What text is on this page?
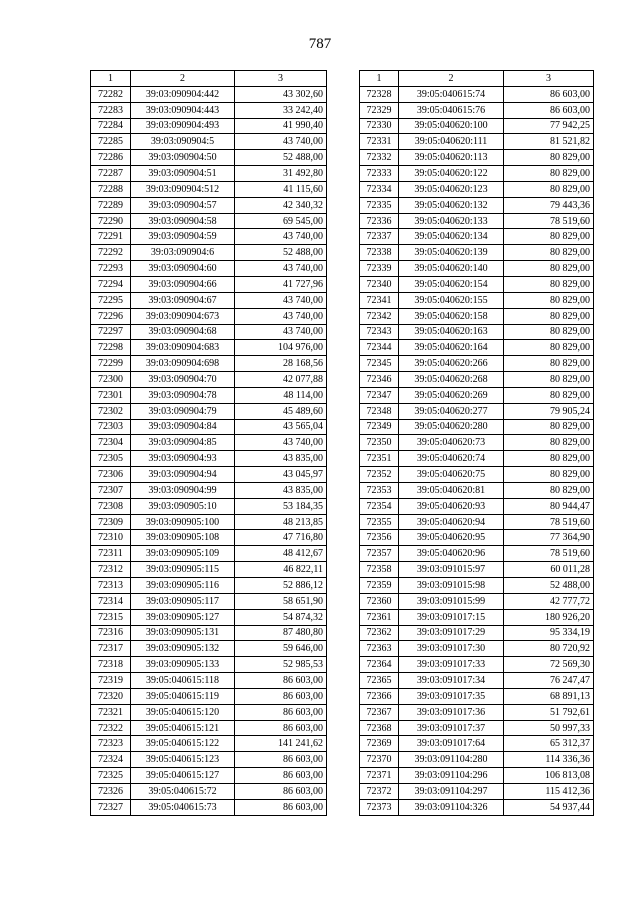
787
1	2	3
72282	39:03:090904:442	43 302,60
72283	39:03:090904:443	33 242,40
72284	39:03:090904:493	41 990,40
72285	39:03:090904:5	43 740,00
72286	39:03:090904:50	52 488,00
72287	39:03:090904:51	31 492,80
72288	39:03:090904:512	41 115,60
72289	39:03:090904:57	42 340,32
72290	39:03:090904:58	69 545,00
72291	39:03:090904:59	43 740,00
72292	39:03:090904:6	52 488,00
72293	39:03:090904:60	43 740,00
72294	39:03:090904:66	41 727,96
72295	39:03:090904:67	43 740,00
72296	39:03:090904:673	43 740,00
72297	39:03:090904:68	43 740,00
72298	39:03:090904:683	104 976,00
72299	39:03:090904:698	28 168,56
72300	39:03:090904:70	42 077,88
72301	39:03:090904:78	48 114,00
72302	39:03:090904:79	45 489,60
72303	39:03:090904:84	43 565,04
72304	39:03:090904:85	43 740,00
72305	39:03:090904:93	43 835,00
72306	39:03:090904:94	43 045,97
72307	39:03:090904:99	43 835,00
72308	39:03:090905:10	53 184,35
72309	39:03:090905:100	48 213,85
72310	39:03:090905:108	47 716,80
72311	39:03:090905:109	48 412,67
72312	39:03:090905:115	46 822,11
72313	39:03:090905:116	52 886,12
72314	39:03:090905:117	58 651,90
72315	39:03:090905:127	54 874,32
72316	39:03:090905:131	87 480,80
72317	39:03:090905:132	59 646,00
72318	39:03:090905:133	52 985,53
72319	39:05:040615:118	86 603,00
72320	39:05:040615:119	86 603,00
72321	39:05:040615:120	86 603,00
72322	39:05:040615:121	86 603,00
72323	39:05:040615:122	141 241,62
72324	39:05:040615:123	86 603,00
72325	39:05:040615:127	86 603,00
72326	39:05:040615:72	86 603,00
72327	39:05:040615:73	86 603,00
1	2	3
72328	39:05:040615:74	86 603,00
72329	39:05:040615:76	86 603,00
72330	39:05:040620:100	77 942,25
72331	39:05:040620:111	81 521,82
72332	39:05:040620:113	80 829,00
72333	39:05:040620:122	80 829,00
72334	39:05:040620:123	80 829,00
72335	39:05:040620:132	79 443,36
72336	39:05:040620:133	78 519,60
72337	39:05:040620:134	80 829,00
72338	39:05:040620:139	80 829,00
72339	39:05:040620:140	80 829,00
72340	39:05:040620:154	80 829,00
72341	39:05:040620:155	80 829,00
72342	39:05:040620:158	80 829,00
72343	39:05:040620:163	80 829,00
72344	39:05:040620:164	80 829,00
72345	39:05:040620:266	80 829,00
72346	39:05:040620:268	80 829,00
72347	39:05:040620:269	80 829,00
72348	39:05:040620:277	79 905,24
72349	39:05:040620:280	80 829,00
72350	39:05:040620:73	80 829,00
72351	39:05:040620:74	80 829,00
72352	39:05:040620:75	80 829,00
72353	39:05:040620:81	80 829,00
72354	39:05:040620:93	80 944,47
72355	39:05:040620:94	78 519,60
72356	39:05:040620:95	77 364,90
72357	39:05:040620:96	78 519,60
72358	39:03:091015:97	60 011,28
72359	39:03:091015:98	52 488,00
72360	39:03:091015:99	42 777,72
72361	39:03:091017:15	180 926,20
72362	39:03:091017:29	95 334,19
72363	39:03:091017:30	80 720,92
72364	39:03:091017:33	72 569,30
72365	39:03:091017:34	76 247,47
72366	39:03:091017:35	68 891,13
72367	39:03:091017:36	51 792,61
72368	39:03:091017:37	50 997,33
72369	39:03:091017:64	65 312,37
72370	39:03:091104:280	114 336,36
72371	39:03:091104:296	106 813,08
72372	39:03:091104:297	115 412,36
72373	39:03:091104:326	54 937,44
